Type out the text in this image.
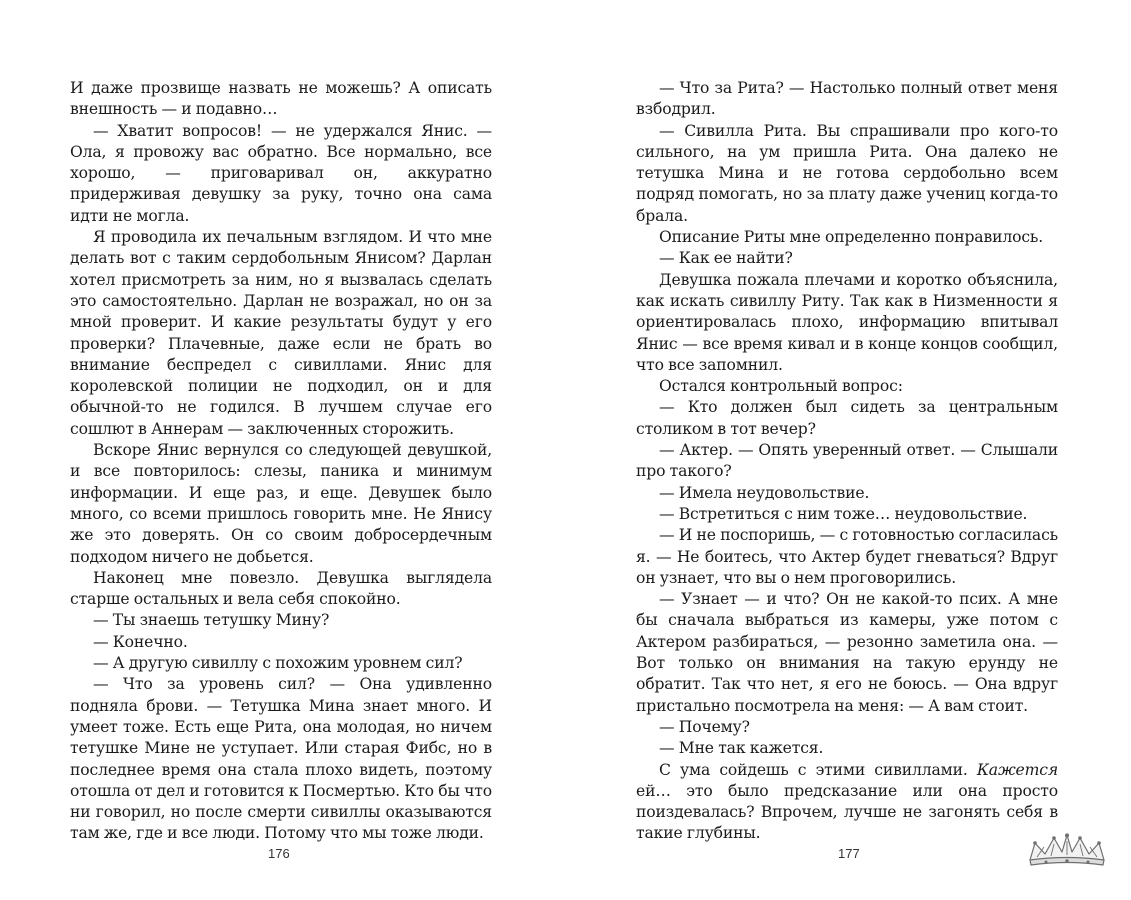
И даже прозвище назвать не можешь? А описать внешность — и подавно…

— Хватит вопросов! — не удержался Янис. — Ола, я провожу вас обратно. Все нормально, все хорошо, — приговаривал он, аккуратно придерживая девушку за руку, точно она сама идти не могла.

Я проводила их печальным взглядом. И что мне делать вот с таким сердобольным Янисом? Дарлан хотел присмотреть за ним, но я вызвалась сделать это самостоятельно. Дарлан не возражал, но он за мной проверит. И какие результаты будут у его проверки? Плачевные, даже если не брать во внимание беспредел с сивиллами. Янис для королевской полиции не подходил, он и для обычной-то не годился. В лучшем случае его сошлют в Аннерам — заключенных сторожить.

Вскоре Янис вернулся со следующей девушкой, и все повторилось: слезы, паника и минимум информации. И еще раз, и еще. Девушек было много, со всеми пришлось говорить мне. Не Янису же это доверять. Он со своим добросердечным подходом ничего не добьется.

Наконец мне повезло. Девушка выглядела старше остальных и вела себя спокойно.

— Ты знаешь тетушку Мину?

— Конечно.

— А другую сивиллу с похожим уровнем сил?

— Что за уровень сил? — Она удивленно подняла брови. — Тетушка Мина знает много. И умеет тоже. Есть еще Рита, она молодая, но ничем тетушке Мине не уступает. Или старая Фибс, но в последнее время она стала плохо видеть, поэтому отошла от дел и готовится к Посмертью. Кто бы что ни говорил, но после смерти сивиллы оказываются там же, где и все люди. Потому что мы тоже люди.

— Что за Рита? — Настолько полный ответ меня взбодрил.

— Сивилла Рита. Вы спрашивали про кого-то сильного, на ум пришла Рита. Она далеко не тетушка Мина и не готова сердобольно всем подряд помогать, но за плату даже учениц когда-то брала.

Описание Риты мне определенно понравилось.

— Как ее найти?

Девушка пожала плечами и коротко объяснила, как искать сивиллу Риту. Так как в Низменности я ориентировалась плохо, информацию впитывал Янис — все время кивал и в конце концов сообщил, что все запомнил.

Остался контрольный вопрос:

— Кто должен был сидеть за центральным столиком в тот вечер?

— Актер. — Опять уверенный ответ. — Слышали про такого?

— Имела неудовольствие.

— Встретиться с ним тоже… неудовольствие.

— И не поспоришь, — с готовностью согласилась я. — Не боитесь, что Актер будет гневаться? Вдруг он узнает, что вы о нем проговорились.

— Узнает — и что? Он не какой-то псих. А мне бы сначала выбраться из камеры, уже потом с Актером разбираться, — резонно заметила она. — Вот только он внимания на такую ерунду не обратит. Так что нет, я его не боюсь. — Она вдруг пристально посмотрела на меня: — А вам стоит.

— Почему?

— Мне так кажется.

С ума сойдешь с этими сивиллами. Кажется ей… это было предсказание или она просто поиздевалась? Впрочем, лучше не загонять себя в такие глубины.

176	177
